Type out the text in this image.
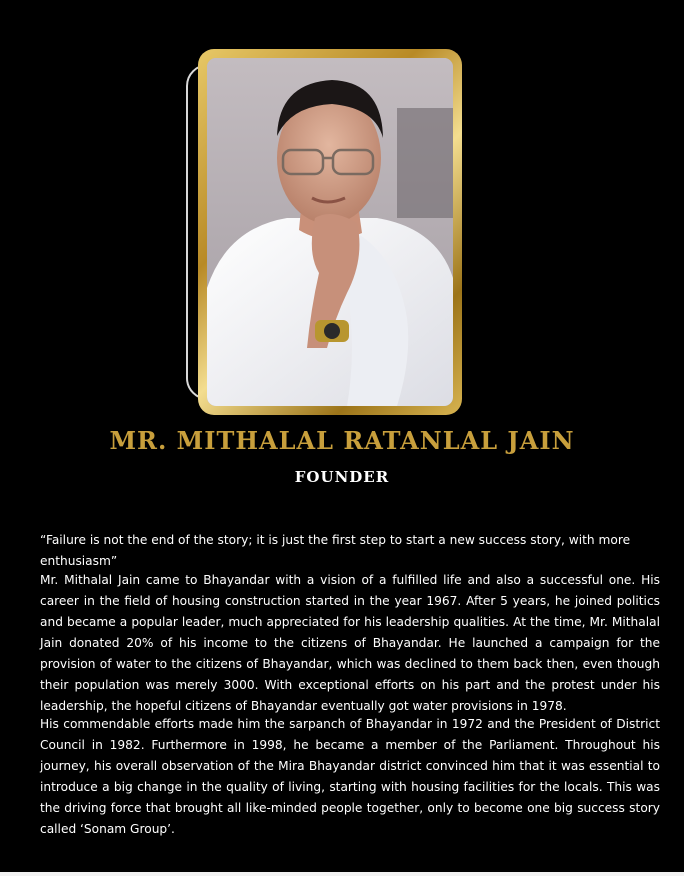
MR. MITHALAL RATANLAL JAIN
FOUNDER
“Failure is not the end of the story; it is just the first step to start a new success story, with more enthusiasm”
Mr. Mithalal Jain came to Bhayandar with a vision of a fulfilled life and also a successful one. His career in the field of housing construction started in the year 1967. After 5 years, he joined politics and became a popular leader, much appreciated for his leadership qualities. At the time, Mr. Mithalal Jain donated 20% of his income to the citizens of Bhayandar. He launched a campaign for the provision of water to the citizens of Bhayandar, which was declined to them back then, even though their population was merely 3000. With exceptional efforts on his part and the protest under his leadership, the hopeful citizens of Bhayandar eventually got water provisions in 1978.
His commendable efforts made him the sarpanch of Bhayandar in 1972 and the President of District Council in 1982. Furthermore in 1998, he became a member of the Parliament. Throughout his journey, his overall observation of the Mira Bhayandar district convinced him that it was essential to introduce a big change in the quality of living, starting with housing facilities for the locals. This was the driving force that brought all like-minded people together, only to become one big success story called ‘Sonam Group’.
